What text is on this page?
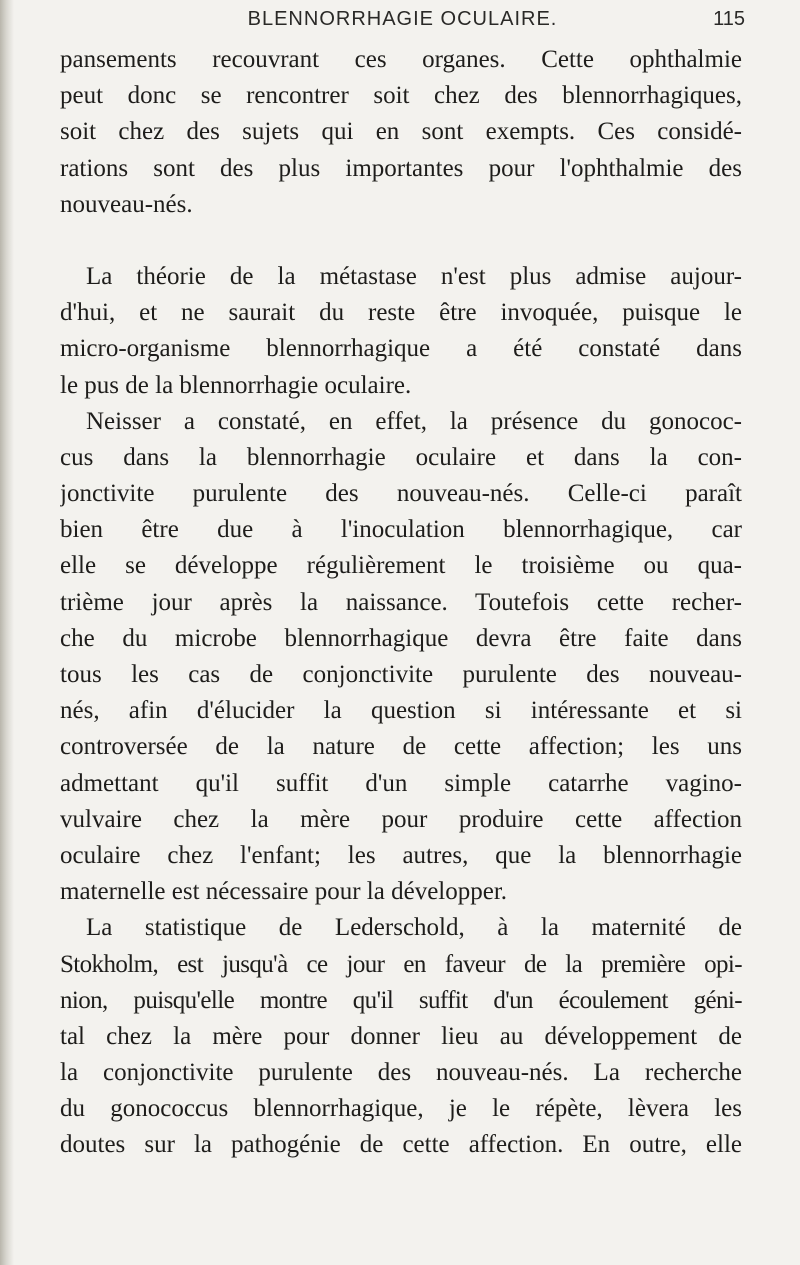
BLENNORRHAGIE OCULAIRE.	115
pansements recouvrant ces organes. Cette ophthalmie
peut donc se rencontrer soit chez des blennorrhagiques,
soit chez des sujets qui en sont exempts. Ces considé-
rations sont des plus importantes pour l'ophthalmie des
nouveau-nés.
La théorie de la métastase n'est plus admise aujour-
d'hui, et ne saurait du reste être invoquée, puisque le
micro-organisme blennorrhagique a été constaté dans
le pus de la blennorrhagie oculaire.
Neisser a constaté, en effet, la présence du gonococ-
cus dans la blennorrhagie oculaire et dans la con-
jonctivite purulente des nouveau-nés. Celle-ci paraît
bien être due à l'inoculation blennorrhagique, car
elle se développe régulièrement le troisième ou qua-
trième jour après la naissance. Toutefois cette recher-
che du microbe blennorrhagique devra être faite dans
tous les cas de conjonctivite purulente des nouveau-
nés, afin d'élucider la question si intéressante et si
controversée de la nature de cette affection; les uns
admettant qu'il suffit d'un simple catarrhe vagino-
vulvaire chez la mère pour produire cette affection
oculaire chez l'enfant; les autres, que la blennorrhagie
maternelle est nécessaire pour la développer.
La statistique de Lederschold, à la maternité de
Stokholm, est jusqu'à ce jour en faveur de la première opi-
nion, puisqu'elle montre qu'il suffit d'un écoulement géni-
tal chez la mère pour donner lieu au développement de
la conjonctivite purulente des nouveau-nés. La recherche
du gonococcus blennorrhagique, je le répète, lèvera les
doutes sur la pathogénie de cette affection. En outre, elle
